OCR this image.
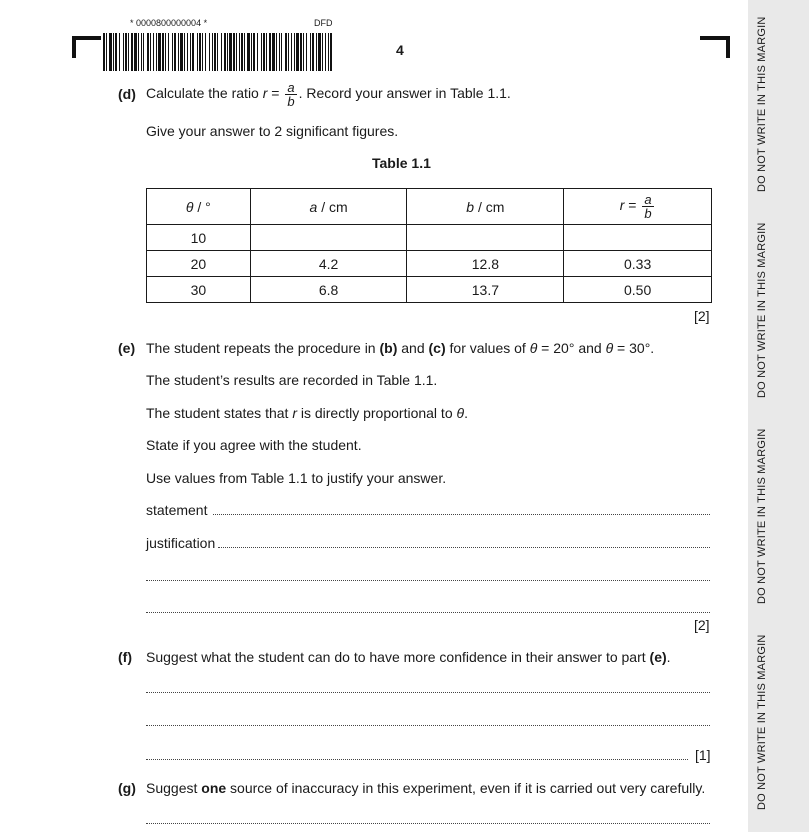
* 0000800000004 *	DFD
4	DO NOT WRITE IN THIS MARGIN
DO NOT WRITE IN THIS MARGIN
DO NOT WRITE IN THIS MARGIN
DO NOT WRITE IN THIS MARGIN
(d) Calculate the ratio $r = \frac{a}{b}$ . Record your answer in Table 1.1.
Give your answer to 2 significant figures.
Table 1.1
θ / °	a / cm	b / cm	$r = \frac{a}{b}$

10			
20	4.2	12.8	0.33
30	6.8	13.7	0.50
[2]
(e) The student repeats the procedure in (b) and (c) for values of θ = 20° and θ = 30°.
The student’s results are recorded in Table 1.1.
The student states that r is directly proportional to θ.
State if you agree with the student.
Use values from Table 1.1 to justify your answer.
statement
justification
[2]
(f) Suggest what the student can do to have more confidence in their answer to part (e).
[1]
(g) Suggest one source of inaccuracy in this experiment, even if it is carried out very carefully.
